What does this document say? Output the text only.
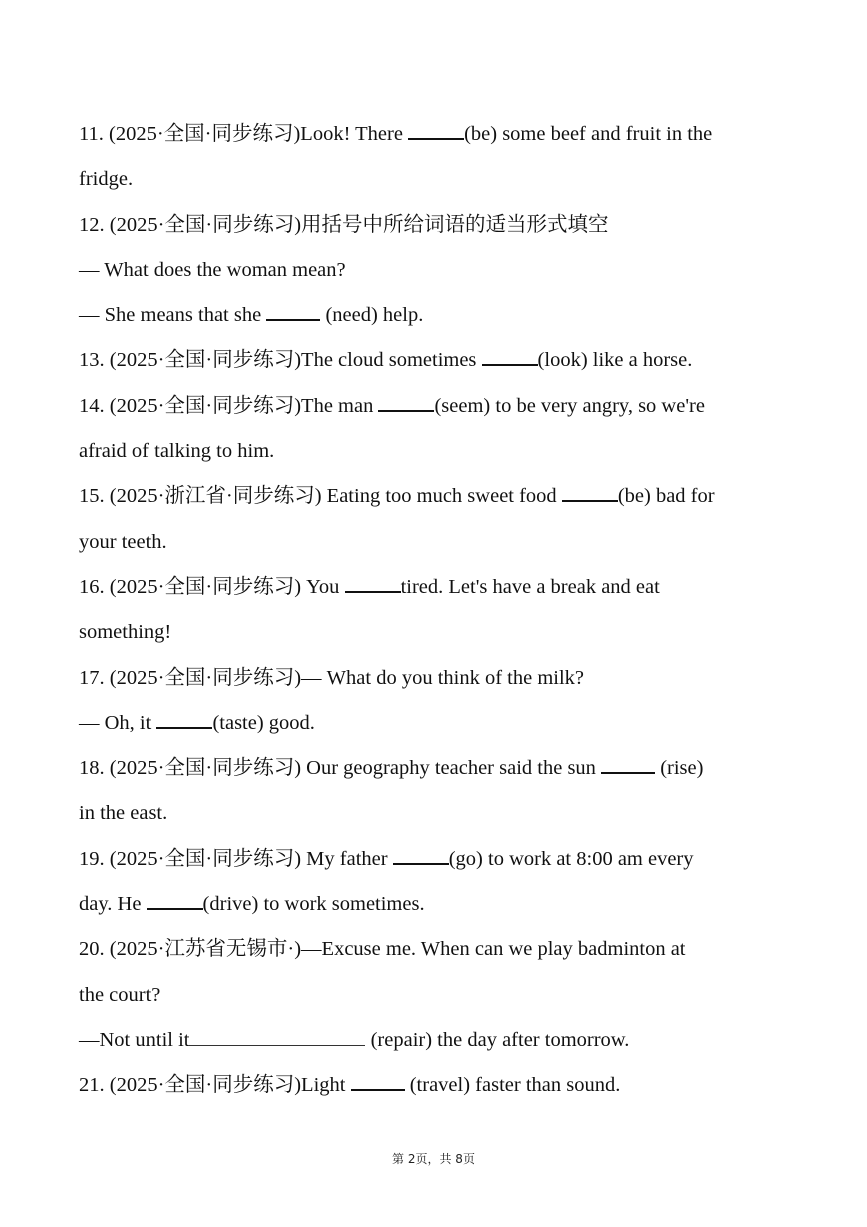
11. (2025·全国·同步练习)Look! There	(be) some beef and fruit in the
fridge.
12. (2025·全国·同步练习)用括号中所给词语的适当形式填空
— What does the woman mean?
— She means that she	(need) help.
13. (2025·全国·同步练习)The cloud sometimes	(look) like a horse.
14. (2025·全国·同步练习)The man	(seem) to be very angry, so we're
afraid of talking to him.
15. (2025·浙江省·同步练习) Eating too much sweet food	(be) bad for
your teeth.
16. (2025·全国·同步练习) You	tired. Let's have a break and eat
something!
17. (2025·全国·同步练习)— What do you think of the milk?
— Oh, it	(taste) good.
18. (2025·全国·同步练习) Our geography teacher said the sun	(rise)
in the east.
19. (2025·全国·同步练习) My father	(go) to work at 8:00 am every
day. He	(drive) to work sometimes.
20. (2025·江苏省无锡市·)—Excuse me. When can we play badminton at
the court?
—Not until it	(repair) the day after tomorrow.
21. (2025·全国·同步练习)Light	(travel) faster than sound.
第 2页，共 8页
